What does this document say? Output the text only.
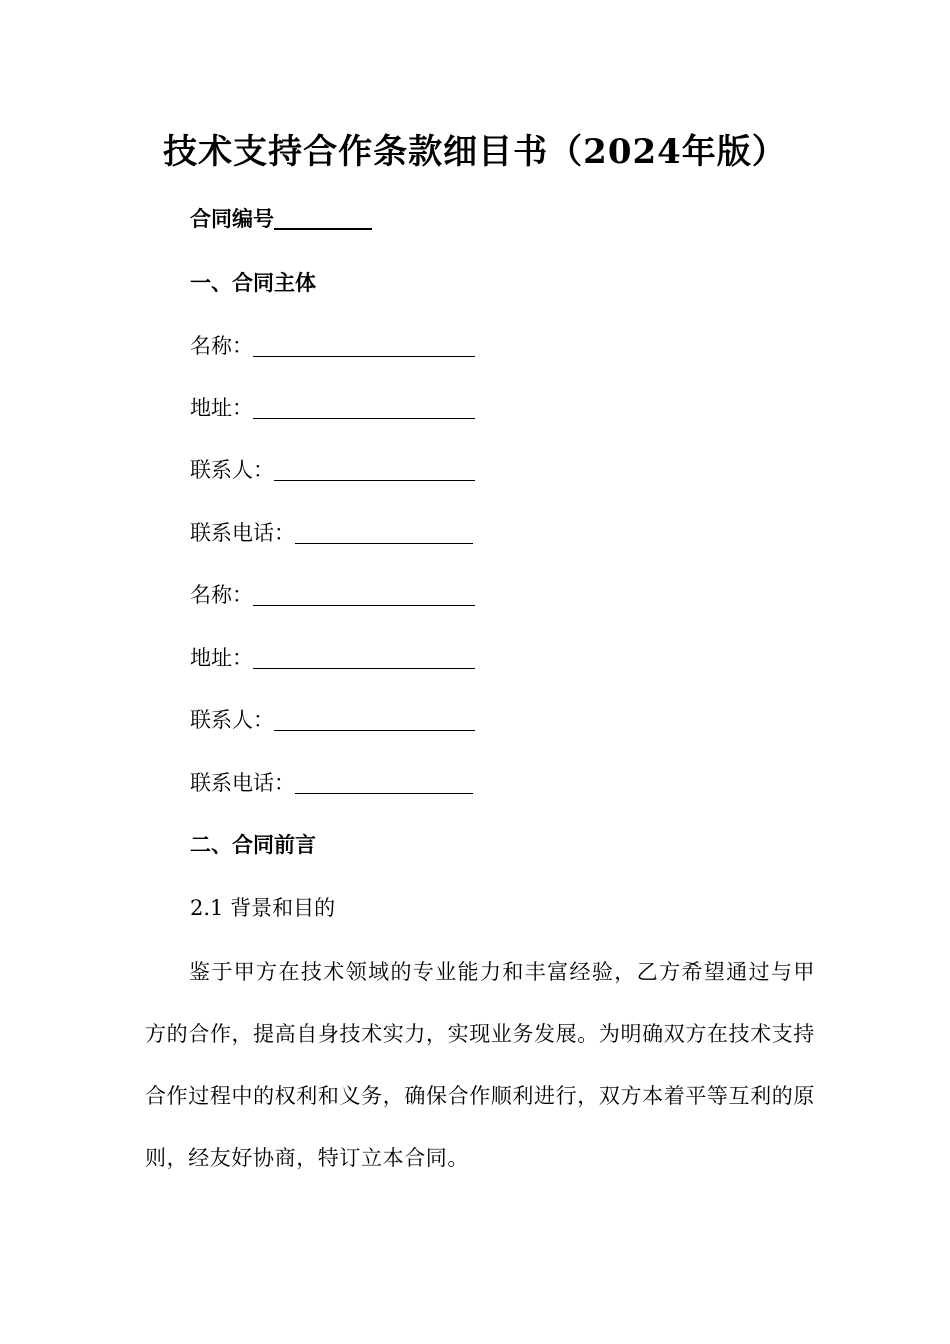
技术支持合作条款细目书（2024年版）
合同编号
一、合同主体
名称：
地址：
联系人：
联系电话：
名称：
地址：
联系人：
联系电话：
二、合同前言
2.1 背景和目的
鉴于甲方在技术领域的专业能力和丰富经验，乙方希望通过与甲方的合作，提高自身技术实力，实现业务发展。为明确双方在技术支持合作过程中的权利和义务，确保合作顺利进行，双方本着平等互利的原则，经友好协商，特订立本合同。
